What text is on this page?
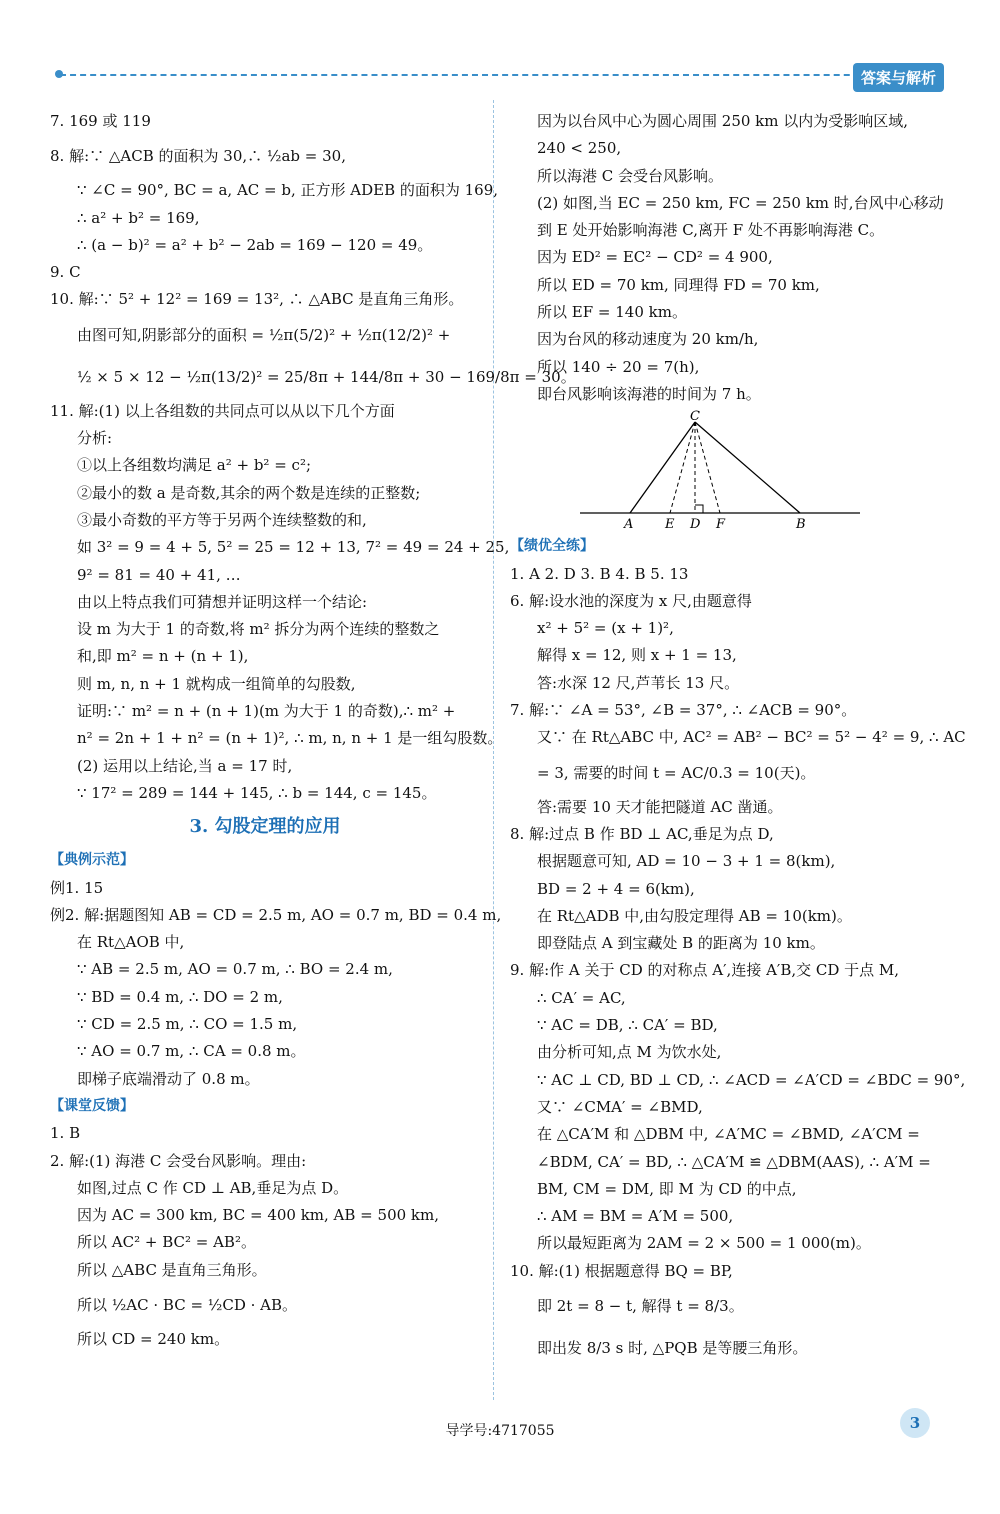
答案与解析
7. 169 或 119
8. 解:∵ △ACB 的面积为 30,∴ ½ab = 30,
∵ ∠C = 90°, BC = a, AC = b, 正方形 ADEB 的面积为 169,
∴ a² + b² = 169,
∴ (a − b)² = a² + b² − 2ab = 169 − 120 = 49。
9. C
10. 解:∵ 5² + 12² = 169 = 13², ∴ △ABC 是直角三角形。
由图可知,阴影部分的面积 = ½π(5/2)² + ½π(12/2)² +
½ × 5 × 12 − ½π(13/2)² = 25/8π + 144/8π + 30 − 169/8π = 30。
11. 解:(1) 以上各组数的共同点可以从以下几个方面
分析:
①以上各组数均满足 a² + b² = c²;
②最小的数 a 是奇数,其余的两个数是连续的正整数;
③最小奇数的平方等于另两个连续整数的和,
如 3² = 9 = 4 + 5, 5² = 25 = 12 + 13, 7² = 49 = 24 + 25,
9² = 81 = 40 + 41, …
由以上特点我们可猜想并证明这样一个结论:
设 m 为大于 1 的奇数,将 m² 拆分为两个连续的整数之
和,即 m² = n + (n + 1),
则 m, n, n + 1 就构成一组简单的勾股数,
证明:∵ m² = n + (n + 1)(m 为大于 1 的奇数),∴ m² +
n² = 2n + 1 + n² = (n + 1)², ∴ m, n, n + 1 是一组勾股数。
(2) 运用以上结论,当 a = 17 时,
∵ 17² = 289 = 144 + 145, ∴ b = 144, c = 145。
3. 勾股定理的应用
【典例示范】
例1. 15
例2. 解:据题图知 AB = CD = 2.5 m, AO = 0.7 m, BD = 0.4 m,
在 Rt△AOB 中,
∵ AB = 2.5 m, AO = 0.7 m, ∴ BO = 2.4 m,
∵ BD = 0.4 m, ∴ DO = 2 m,
∵ CD = 2.5 m, ∴ CO = 1.5 m,
∵ AO = 0.7 m, ∴ CA = 0.8 m。
即梯子底端滑动了 0.8 m。
【课堂反馈】
1. B
2. 解:(1) 海港 C 会受台风影响。理由:
如图,过点 C 作 CD ⊥ AB,垂足为点 D。
因为 AC = 300 km, BC = 400 km, AB = 500 km,
所以 AC² + BC² = AB²。
所以 △ABC 是直角三角形。
所以 ½AC · BC = ½CD · AB。
所以 CD = 240 km。
因为以台风中心为圆心周围 250 km 以内为受影响区域,
240 < 250,
所以海港 C 会受台风影响。
(2) 如图,当 EC = 250 km, FC = 250 km 时,台风中心移动
到 E 处开始影响海港 C,离开 F 处不再影响海港 C。
因为 ED² = EC² − CD² = 4 900,
所以 ED = 70 km, 同理得 FD = 70 km,
所以 EF = 140 km。
因为台风的移动速度为 20 km/h,
所以 140 ÷ 20 = 7(h),
即台风影响该海港的时间为 7 h。
C
A E D F	B
【绩优全练】
1. A 2. D 3. B 4. B 5. 13
6. 解:设水池的深度为 x 尺,由题意得
x² + 5² = (x + 1)²,
解得 x = 12, 则 x + 1 = 13,
答:水深 12 尺,芦苇长 13 尺。
7. 解:∵ ∠A = 53°, ∠B = 37°, ∴ ∠ACB = 90°。
又∵ 在 Rt△ABC 中, AC² = AB² − BC² = 5² − 4² = 9, ∴ AC
= 3, 需要的时间 t = AC/0.3 = 10(天)。
答:需要 10 天才能把隧道 AC 凿通。
8. 解:过点 B 作 BD ⊥ AC,垂足为点 D,
根据题意可知, AD = 10 − 3 + 1 = 8(km),
BD = 2 + 4 = 6(km),
在 Rt△ADB 中,由勾股定理得 AB = 10(km)。
即登陆点 A 到宝藏处 B 的距离为 10 km。
9. 解:作 A 关于 CD 的对称点 A′,连接 A′B,交 CD 于点 M,
∴ CA′ = AC,
∵ AC = DB, ∴ CA′ = BD,
由分析可知,点 M 为饮水处,
∵ AC ⊥ CD, BD ⊥ CD, ∴ ∠ACD = ∠A′CD = ∠BDC = 90°,
又∵ ∠CMA′ = ∠BMD,
在 △CA′M 和 △DBM 中, ∠A′MC = ∠BMD, ∠A′CM =
∠BDM, CA′ = BD, ∴ △CA′M ≌ △DBM(AAS), ∴ A′M =
BM, CM = DM, 即 M 为 CD 的中点,
∴ AM = BM = A′M = 500,
所以最短距离为 2AM = 2 × 500 = 1 000(m)。
10. 解:(1) 根据题意得 BQ = BP,
即 2t = 8 − t, 解得 t = 8/3。
即出发 8/3 s 时, △PQB 是等腰三角形。
导学号:4717055	3
